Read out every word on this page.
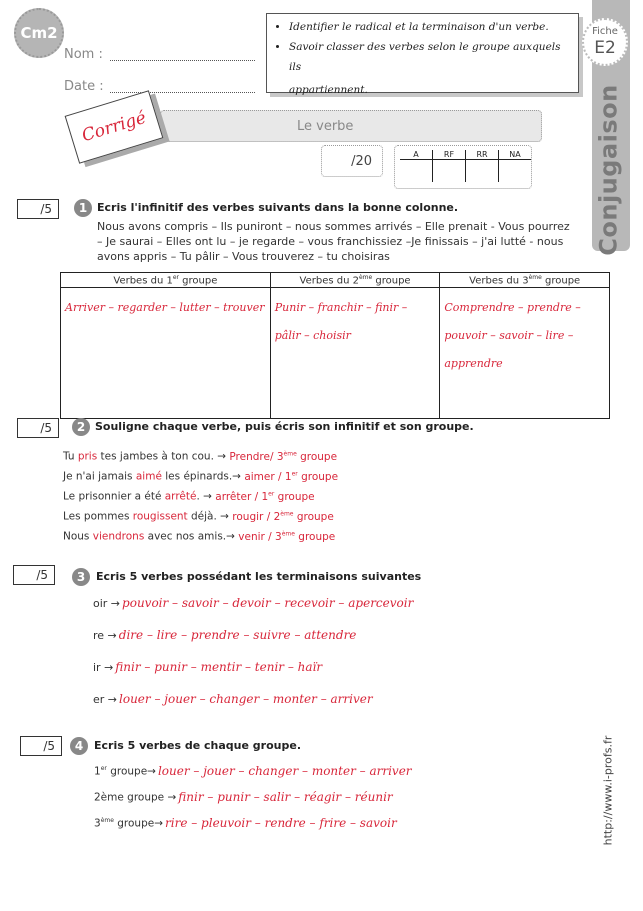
Cm2
Nom :
Date :
• Identifier le radical et la terminaison d'un verbe.
• Savoir classer des verbes selon le groupe auxquels ils
appartiennent.
Fiche
E2
Conjugaison
Le verbe
Corrigé
/20	A	RF	RR	NA

/5 1 Ecris l'infinitif des verbes suivants dans la bonne colonne.
Nous avons compris – Ils puniront – nous sommes arrivés – Elle prenait - Vous pourrez – Je saurai – Elles ont lu – je regarde – vous franchissiez –Je finissais – j'ai lutté - nous avons appris – Tu pâlir – Vous trouverez – tu choisiras
Verbes du 1er groupe	Verbes du 2ème groupe	Verbes du 3ème groupe
Arriver – regarder – lutter – trouver	Punir – franchir – finir – pâlir – choisir	Comprendre – prendre – pouvoir – savoir – lire – apprendre
/5 2 Souligne chaque verbe, puis écris son infinitif et son groupe.
Tu pris tes jambes à ton cou. → Prendre/ 3ème groupe
Je n'ai jamais aimé les épinards.→ aimer / 1er groupe
Le prisonnier a été arrêté. → arrêter / 1er groupe
Les pommes rougissent déjà. → rougir / 2ème groupe
Nous viendrons avec nos amis.→ venir / 3ème groupe
/5 3 Ecris 5 verbes possédant les terminaisons suivantes
oir → pouvoir – savoir – devoir – recevoir – apercevoir
re → dire – lire – prendre – suivre – attendre
ir → finir – punir – mentir – tenir – haïr
er → louer – jouer – changer – monter – arriver
/5 4 Ecris 5 verbes de chaque groupe.
1er groupe→ louer – jouer – changer – monter – arriver
2ème groupe → finir – punir – salir – réagir – réunir
3ème groupe→ rire – pleuvoir – rendre – frire – savoir	http://www.i-profs.fr
